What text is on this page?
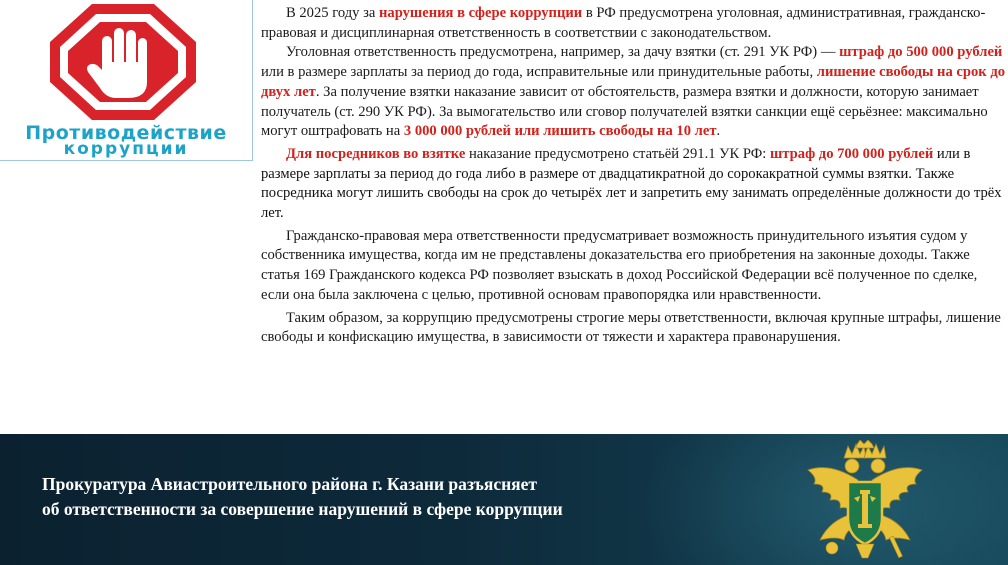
Противодействие
коррупции

В 2025 году за нарушения в сфере коррупции в РФ предусмотрена уголовная, административная, гражданско-правовая и дисциплинарная ответственность в соответствии с законодательством.

Уголовная ответственность предусмотрена, например, за дачу взятки (ст. 291 УК РФ) — штраф до 500 000 рублей или в размере зарплаты за период до года, исправительные или принудительные работы, лишение свободы на срок до двух лет. За получение взятки наказание зависит от обстоятельств, размера взятки и должности, которую занимает получатель (ст. 290 УК РФ). За вымогательство или сговор получателей взятки санкции ещё серьёзнее: максимально могут оштрафовать на 3 000 000 рублей или лишить свободы на 10 лет.

Для посредников во взятке наказание предусмотрено статьёй 291.1 УК РФ: штраф до 700 000 рублей или в размере зарплаты за период до года либо в размере от двадцатикратной до сорокакратной суммы взятки. Также посредника могут лишить свободы на срок до четырёх лет и запретить ему занимать определённые должности до трёх лет.

Гражданско-правовая мера ответственности предусматривает возможность принудительного изъятия судом у собственника имущества, когда им не представлены доказательства его приобретения на законные доходы. Также статья 169 Гражданского кодекса РФ позволяет взыскать в доход Российской Федерации всё полученное по сделке, если она была заключена с целью, противной основам правопорядка или нравственности.

Таким образом, за коррупцию предусмотрены строгие меры ответственности, включая крупные штрафы, лишение свободы и конфискацию имущества, в зависимости от тяжести и характера правонарушения.

Прокуратура Авиастроительного района г. Казани разъясняет
об ответственности за совершение нарушений в сфере коррупции
